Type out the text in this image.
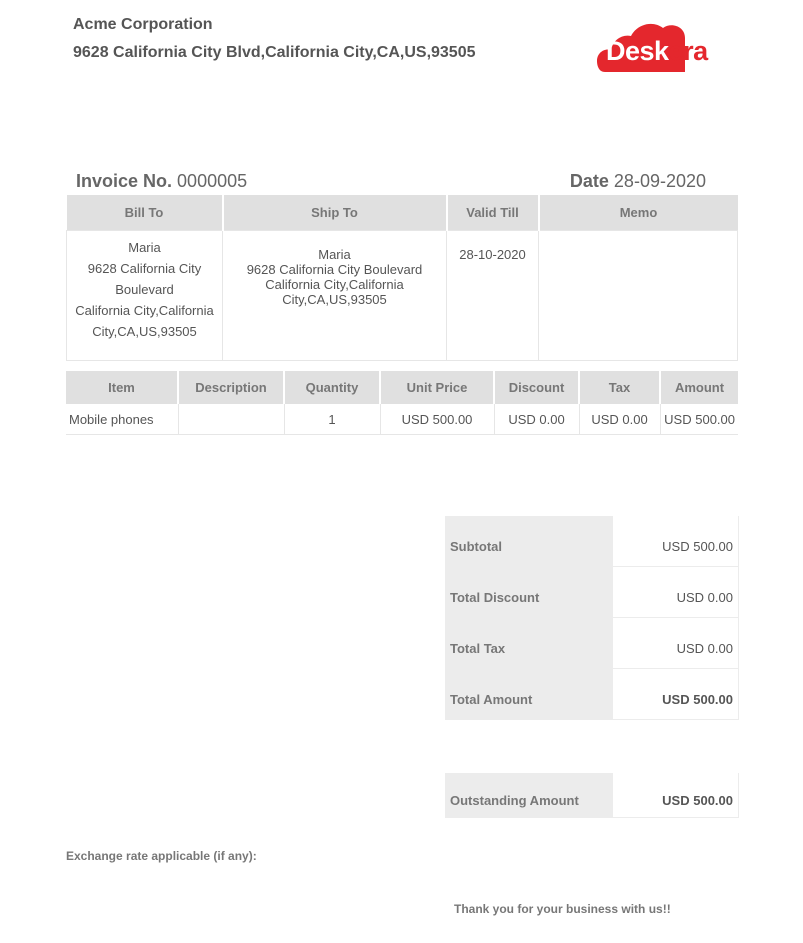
Acme Corporation
9628 California City Blvd,California City,CA,US,93505	Deskera
Invoice No. 0000005	Date 28-09-2020
Bill To	Ship To	Valid Till	Memo

Maria
9628 California City
Boulevard
California City,California
City,CA,US,93505	Maria
9628 California City Boulevard
California City,California
City,CA,US,93505	28-10-2020	
Item	Description	Quantity	Unit Price	Discount	Tax	Amount
Mobile phones		1	USD 500.00	USD 0.00	USD 0.00	USD 500.00
Subtotal	USD 500.00
Total Discount	USD 0.00
Total Tax	USD 0.00
Total Amount	USD 500.00
Outstanding Amount	USD 500.00
Exchange rate applicable (if any):
Thank you for your business with us!!
